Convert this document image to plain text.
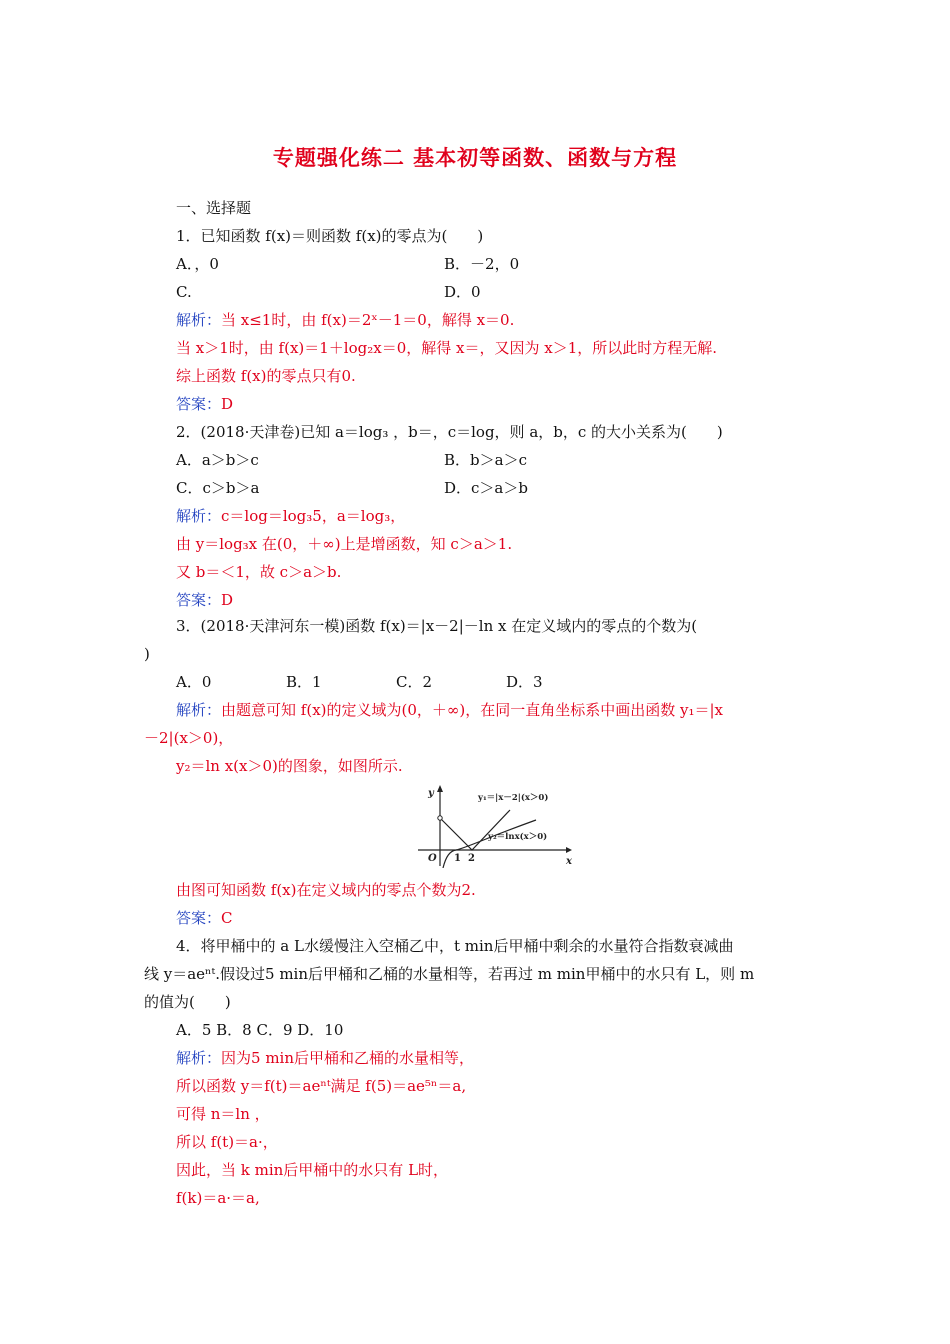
专题强化练二 基本初等函数、函数与方程
一、选择题
1．已知函数 f(x)＝则函数 f(x)的零点为(　　)
A．，0	B．－2，0
C.	D．0
解析：当 x≤1时，由 f(x)＝2ˣ－1＝0，解得 x＝0.
当 x＞1时，由 f(x)＝1＋log₂x＝0，解得 x＝，又因为 x＞1，所以此时方程无解.
综上函数 f(x)的零点只有0.
答案：D
2．(2018·天津卷)已知 a＝log₃ ，b＝，c＝log，则 a，b，c 的大小关系为(　　)
A．a＞b＞c	B．b＞a＞c
C．c＞b＞a	D．c＞a＞b
解析：c＝log＝log₃5，a＝log₃，
由 y＝log₃x 在(0，＋∞)上是增函数，知 c＞a＞1.
又 b＝＜1，故 c＞a＞b.
答案：D
3．(2018·天津河东一模)函数 f(x)＝|x－2|－ln x 在定义域内的零点的个数为(
)
A．0	B．1	C．2	D．3
解析：由题意可知 f(x)的定义域为(0，＋∞)，在同一直角坐标系中画出函数 y₁＝|x
－2|(x＞0)，
y₂＝ln x(x＞0)的图象，如图所示.
y
x
O 1 2
y₁＝|x－2|(x＞0)
y₂＝lnx(x＞0)
由图可知函数 f(x)在定义域内的零点个数为2.
答案：C
4．将甲桶中的 a L水缓慢注入空桶乙中，t min后甲桶中剩余的水量符合指数衰减曲
线 y＝aeⁿᵗ.假设过5 min后甲桶和乙桶的水量相等，若再过 m min甲桶中的水只有 L，则 m
的值为(　　)
A．5 B．8 C．9 D．10
解析：因为5 min后甲桶和乙桶的水量相等，
所以函数 y＝f(t)＝aeⁿᵗ满足 f(5)＝ae⁵ⁿ＝a,
可得 n＝ln ，
所以 f(t)＝a·，
因此，当 k min后甲桶中的水只有 L时，
f(k)＝a·＝a,
